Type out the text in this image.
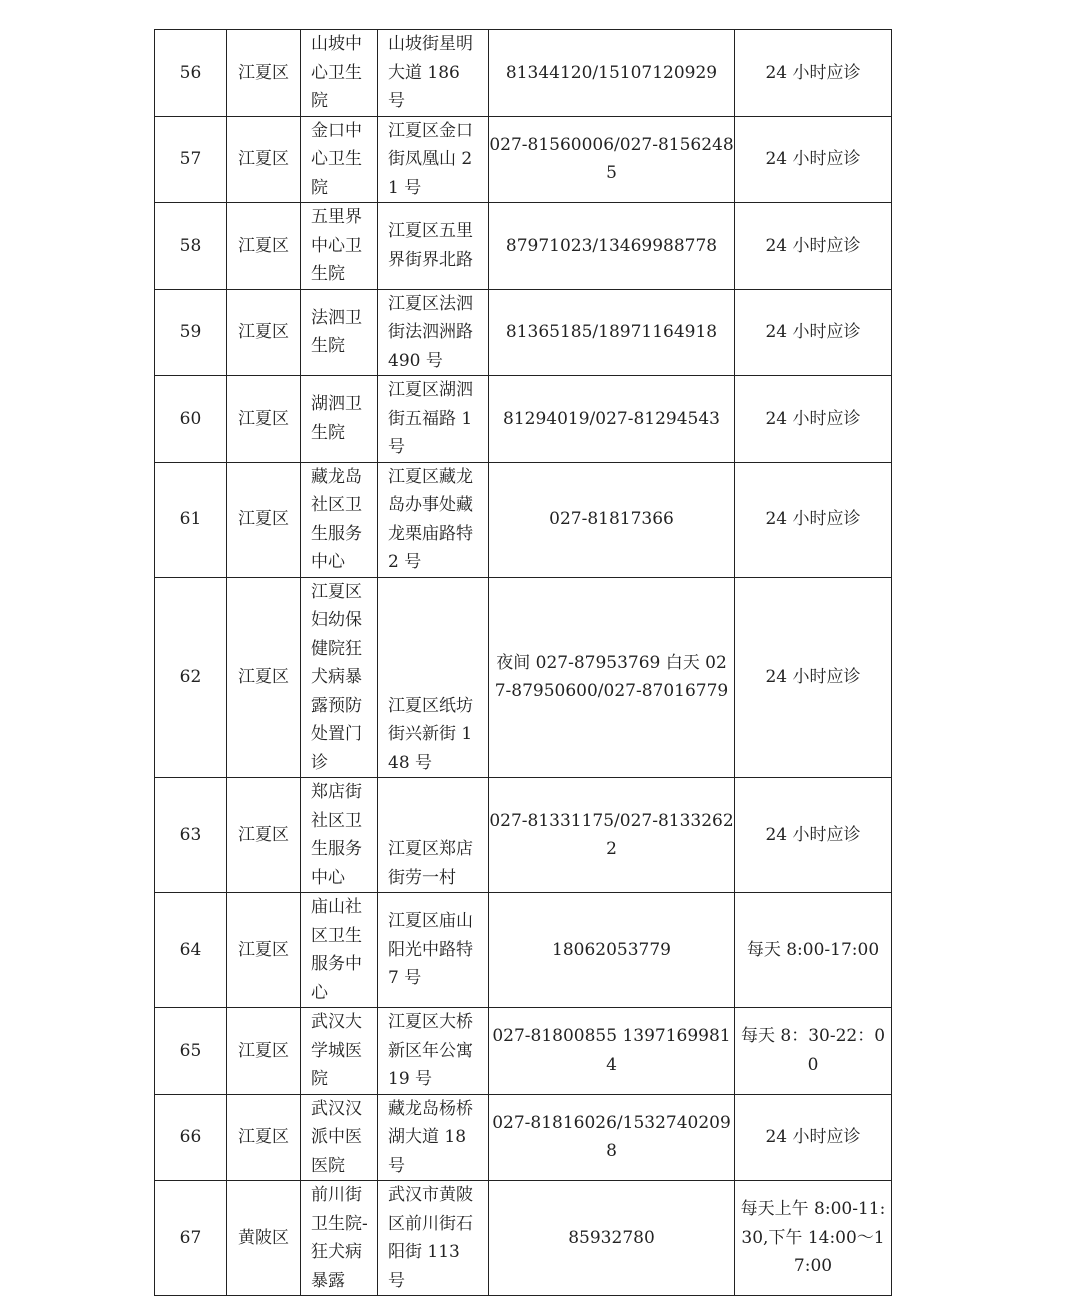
56	江夏区	山坡中心卫生院	山坡街星明大道 186 号	81344120/15107120929	24 小时应诊
57	江夏区	金口中心卫生院	江夏区金口街凤凰山 21 号	027-81560006/027-81562485	24 小时应诊
58	江夏区	五里界中心卫生院	江夏区五里界街界北路	87971023/13469988778	24 小时应诊
59	江夏区	法泗卫生院	江夏区法泗街法泗洲路 490 号	81365185/18971164918	24 小时应诊
60	江夏区	湖泗卫生院	江夏区湖泗街五福路 1 号	81294019/027-81294543	24 小时应诊
61	江夏区	藏龙岛社区卫生服务中心	江夏区藏龙岛办事处藏龙栗庙路特 2 号	027-81817366	24 小时应诊
62	江夏区	江夏区妇幼保健院狂犬病暴露预防处置门诊	江夏区纸坊街兴新街 148 号	夜间 027-87953769 白天 027-87950600/027-87016779	24 小时应诊
63	江夏区	郑店街社区卫生服务中心	江夏区郑店街劳一村	027-81331175/027-81332622	24 小时应诊
64	江夏区	庙山社区卫生服务中心	江夏区庙山阳光中路特 7 号	18062053779	每天 8:00-17:00
65	江夏区	武汉大学城医院	江夏区大桥新区年公寓 19 号	027-81800855 13971699814	每天 8：30-22：00
66	江夏区	武汉汉派中医医院	藏龙岛杨桥湖大道 18 号	027-81816026/15327402098	24 小时应诊
67	黄陂区	前川街卫生院-狂犬病暴露	武汉市黄陂区前川街石阳街 113 号	85932780	每天上午 8:00-11:30,下午 14:00～17:00
